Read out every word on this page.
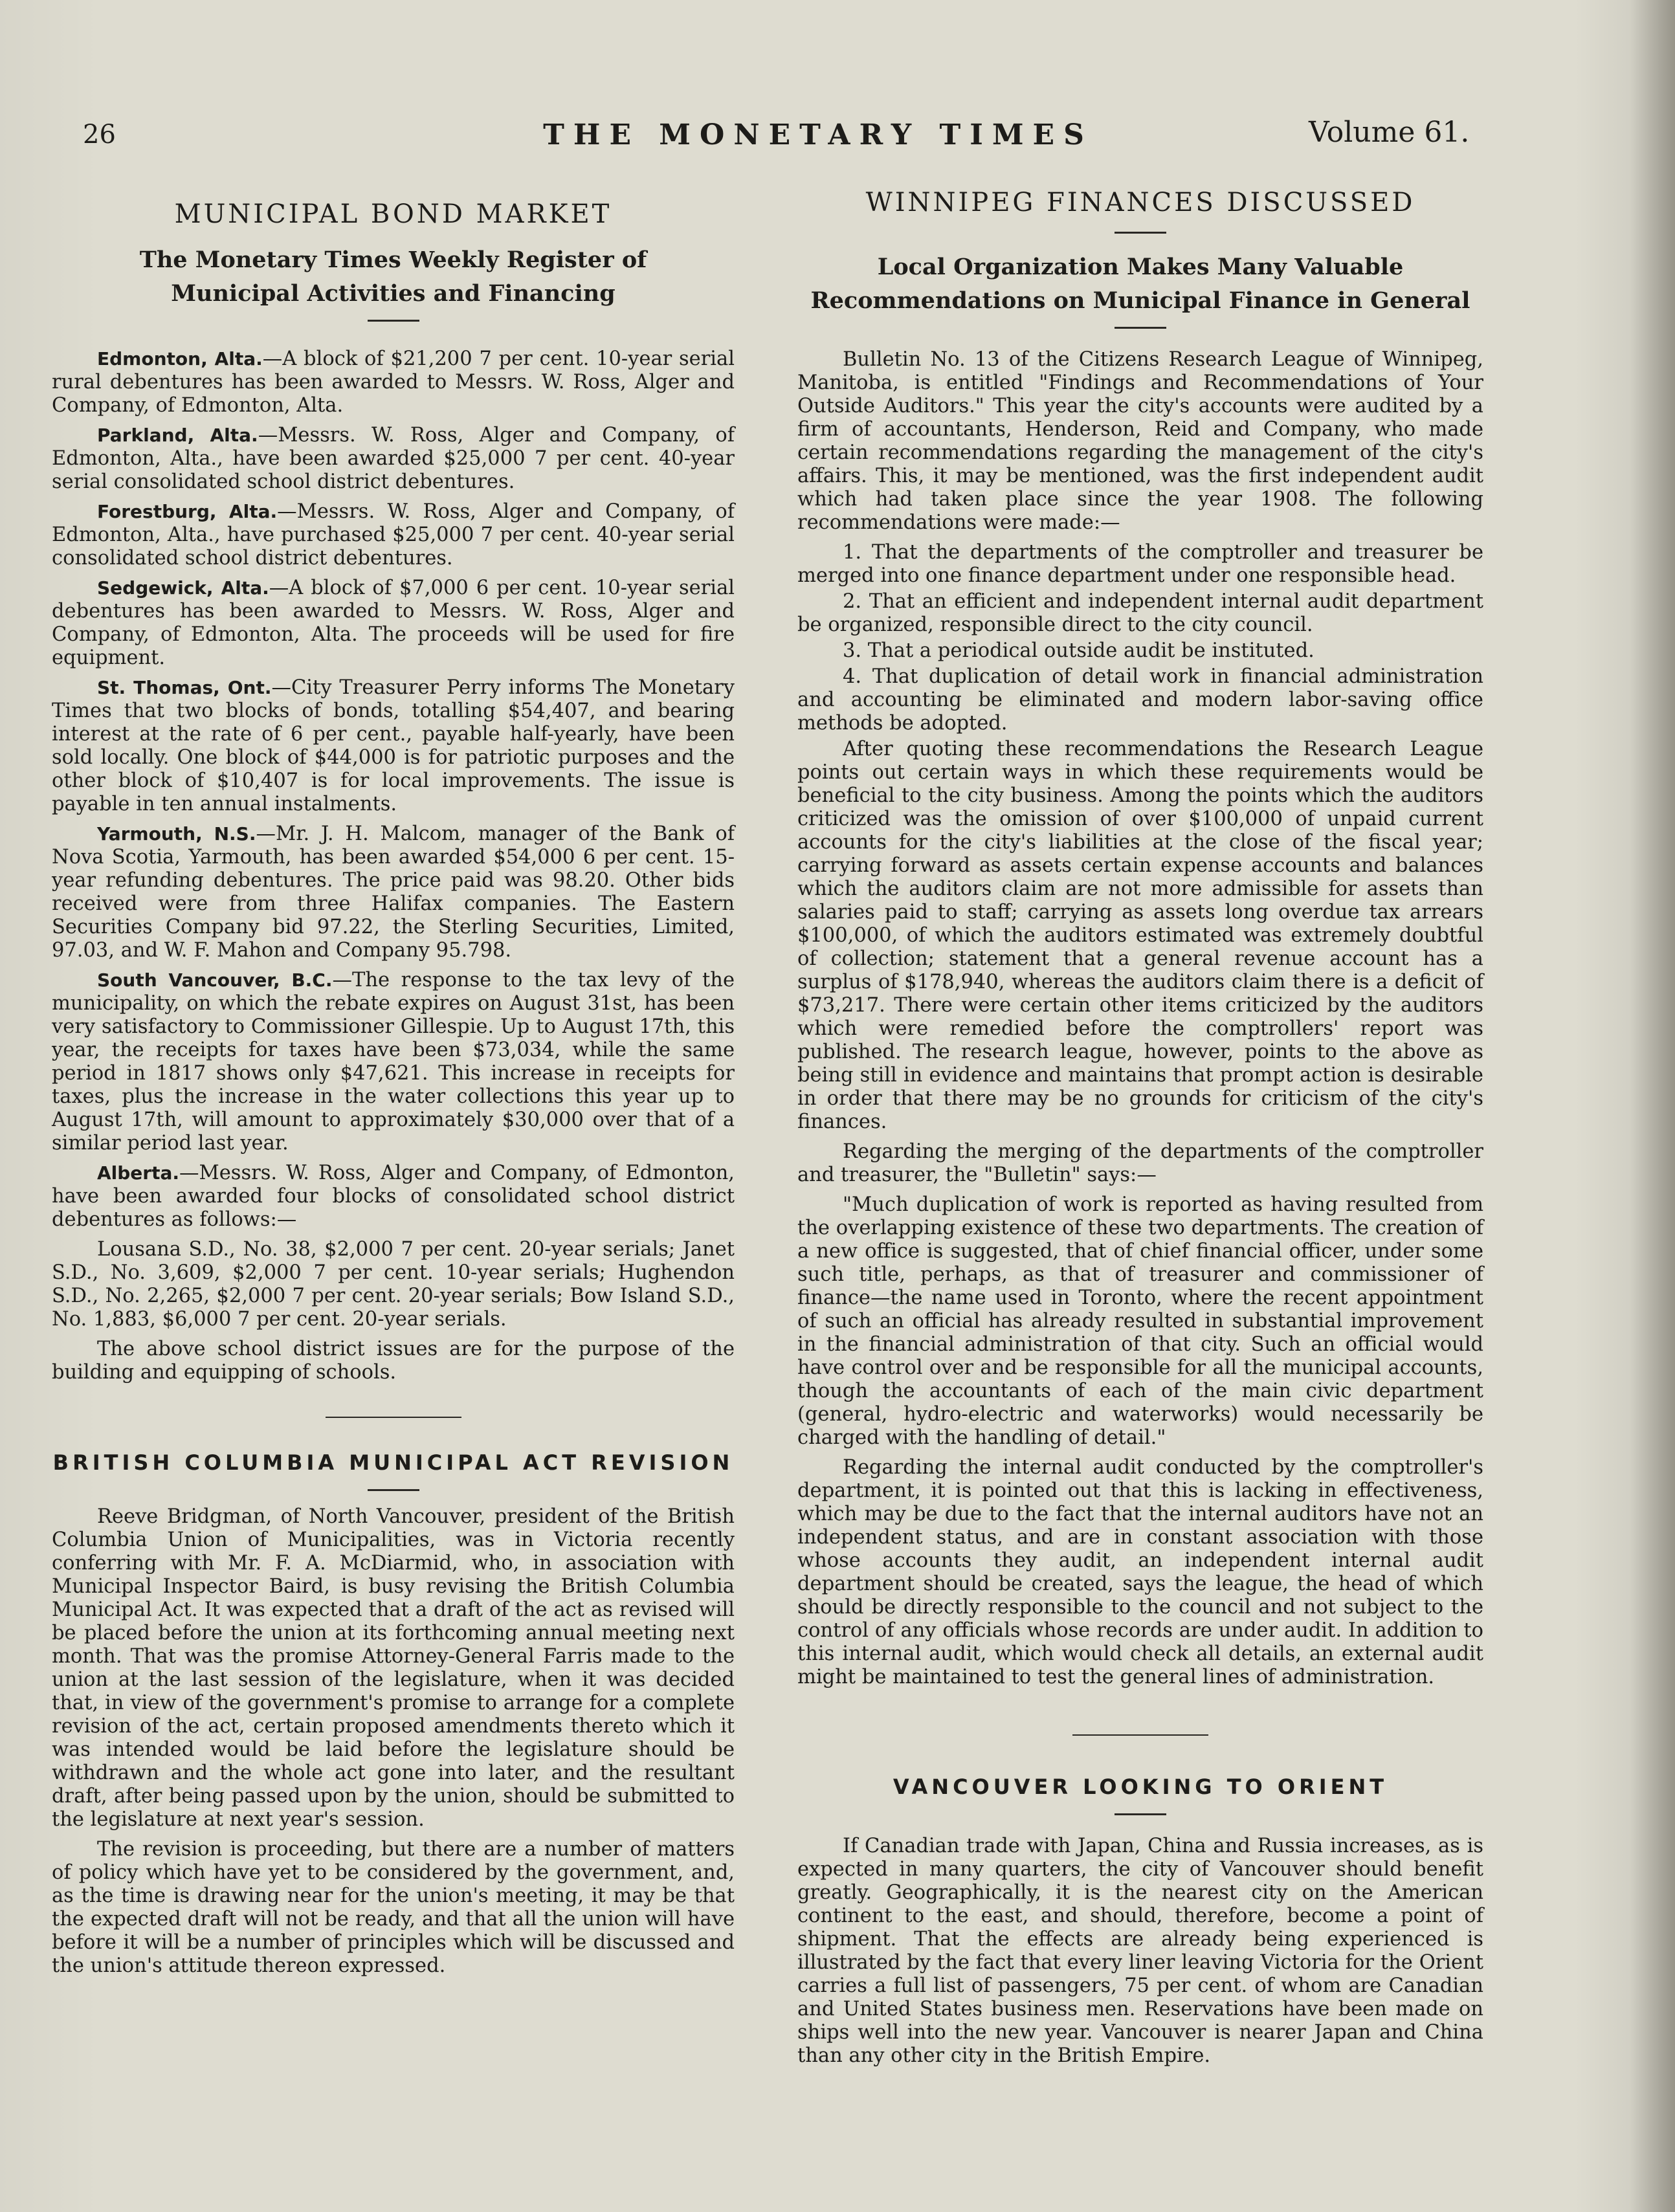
26	THE MONETARY TIMES	Volume 61.
MUNICIPAL BOND MARKET
The Monetary Times Weekly Register of Municipal Activities and Financing

Edmonton, Alta.—A block of $21,200 7 per cent. 10-year serial rural debentures has been awarded to Messrs. W. Ross, Alger and Company, of Edmonton, Alta.

Parkland, Alta.—Messrs. W. Ross, Alger and Company, of Edmonton, Alta., have been awarded $25,000 7 per cent. 40-year serial consolidated school district debentures.

Forestburg, Alta.—Messrs. W. Ross, Alger and Company, of Edmonton, Alta., have purchased $25,000 7 per cent. 40-year serial consolidated school district debentures.

Sedgewick, Alta.—A block of $7,000 6 per cent. 10-year serial debentures has been awarded to Messrs. W. Ross, Alger and Company, of Edmonton, Alta. The proceeds will be used for fire equipment.

St. Thomas, Ont.—City Treasurer Perry informs The Monetary Times that two blocks of bonds, totalling $54,407, and bearing interest at the rate of 6 per cent., payable half-yearly, have been sold locally. One block of $44,000 is for patriotic purposes and the other block of $10,407 is for local improvements. The issue is payable in ten annual instalments.

Yarmouth, N.S.—Mr. J. H. Malcom, manager of the Bank of Nova Scotia, Yarmouth, has been awarded $54,000 6 per cent. 15-year refunding debentures. The price paid was 98.20. Other bids received were from three Halifax companies. The Eastern Securities Company bid 97.22, the Sterling Securities, Limited, 97.03, and W. F. Mahon and Company 95.798.

South Vancouver, B.C.—The response to the tax levy of the municipality, on which the rebate expires on August 31st, has been very satisfactory to Commissioner Gillespie. Up to August 17th, this year, the receipts for taxes have been $73,034, while the same period in 1817 shows only $47,621. This increase in receipts for taxes, plus the increase in the water collections this year up to August 17th, will amount to approximately $30,000 over that of a similar period last year.

Alberta.—Messrs. W. Ross, Alger and Company, of Edmonton, have been awarded four blocks of consolidated school district debentures as follows:—

Lousana S.D., No. 38, $2,000 7 per cent. 20-year serials; Janet S.D., No. 3,609, $2,000 7 per cent. 10-year serials; Hughendon S.D., No. 2,265, $2,000 7 per cent. 20-year serials; Bow Island S.D., No. 1,883, $6,000 7 per cent. 20-year serials.

The above school district issues are for the purpose of the building and equipping of schools.

BRITISH COLUMBIA MUNICIPAL ACT REVISION

Reeve Bridgman, of North Vancouver, president of the British Columbia Union of Municipalities, was in Victoria recently conferring with Mr. F. A. McDiarmid, who, in association with Municipal Inspector Baird, is busy revising the British Columbia Municipal Act. It was expected that a draft of the act as revised will be placed before the union at its forthcoming annual meeting next month. That was the promise Attorney-General Farris made to the union at the last session of the legislature, when it was decided that, in view of the government's promise to arrange for a complete revision of the act, certain proposed amendments thereto which it was intended would be laid before the legislature should be withdrawn and the whole act gone into later, and the resultant draft, after being passed upon by the union, should be submitted to the legislature at next year's session.

The revision is proceeding, but there are a number of matters of policy which have yet to be considered by the government, and, as the time is drawing near for the union's meeting, it may be that the expected draft will not be ready, and that all the union will have before it will be a number of principles which will be discussed and the union's attitude thereon expressed.

WINNIPEG FINANCES DISCUSSED
Local Organization Makes Many Valuable Recommendations on Municipal Finance in General

Bulletin No. 13 of the Citizens Research League of Winnipeg, Manitoba, is entitled "Findings and Recommendations of Your Outside Auditors." This year the city's accounts were audited by a firm of accountants, Henderson, Reid and Company, who made certain recommendations regarding the management of the city's affairs. This, it may be mentioned, was the first independent audit which had taken place since the year 1908. The following recommendations were made:—

1. That the departments of the comptroller and treasurer be merged into one finance department under one responsible head.

2. That an efficient and independent internal audit department be organized, responsible direct to the city council.

3. That a periodical outside audit be instituted.

4. That duplication of detail work in financial administration and accounting be eliminated and modern labor-saving office methods be adopted.

After quoting these recommendations the Research League points out certain ways in which these requirements would be beneficial to the city business. Among the points which the auditors criticized was the omission of over $100,000 of unpaid current accounts for the city's liabilities at the close of the fiscal year; carrying forward as assets certain expense accounts and balances which the auditors claim are not more admissible for assets than salaries paid to staff; carrying as assets long overdue tax arrears $100,000, of which the auditors estimated was extremely doubtful of collection; statement that a general revenue account has a surplus of $178,940, whereas the auditors claim there is a deficit of $73,217. There were certain other items criticized by the auditors which were remedied before the comptrollers' report was published. The research league, however, points to the above as being still in evidence and maintains that prompt action is desirable in order that there may be no grounds for criticism of the city's finances.

Regarding the merging of the departments of the comptroller and treasurer, the "Bulletin" says:—

"Much duplication of work is reported as having resulted from the overlapping existence of these two departments. The creation of a new office is suggested, that of chief financial officer, under some such title, perhaps, as that of treasurer and commissioner of finance—the name used in Toronto, where the recent appointment of such an official has already resulted in substantial improvement in the financial administration of that city. Such an official would have control over and be responsible for all the municipal accounts, though the accountants of each of the main civic department (general, hydro-electric and waterworks) would necessarily be charged with the handling of detail."

Regarding the internal audit conducted by the comptroller's department, it is pointed out that this is lacking in effectiveness, which may be due to the fact that the internal auditors have not an independent status, and are in constant association with those whose accounts they audit, an independent internal audit department should be created, says the league, the head of which should be directly responsible to the council and not subject to the control of any officials whose records are under audit. In addition to this internal audit, which would check all details, an external audit might be maintained to test the general lines of administration.

VANCOUVER LOOKING TO ORIENT

If Canadian trade with Japan, China and Russia increases, as is expected in many quarters, the city of Vancouver should benefit greatly. Geographically, it is the nearest city on the American continent to the east, and should, therefore, become a point of shipment. That the effects are already being experienced is illustrated by the fact that every liner leaving Victoria for the Orient carries a full list of passengers, 75 per cent. of whom are Canadian and United States business men. Reservations have been made on ships well into the new year. Vancouver is nearer Japan and China than any other city in the British Empire.
